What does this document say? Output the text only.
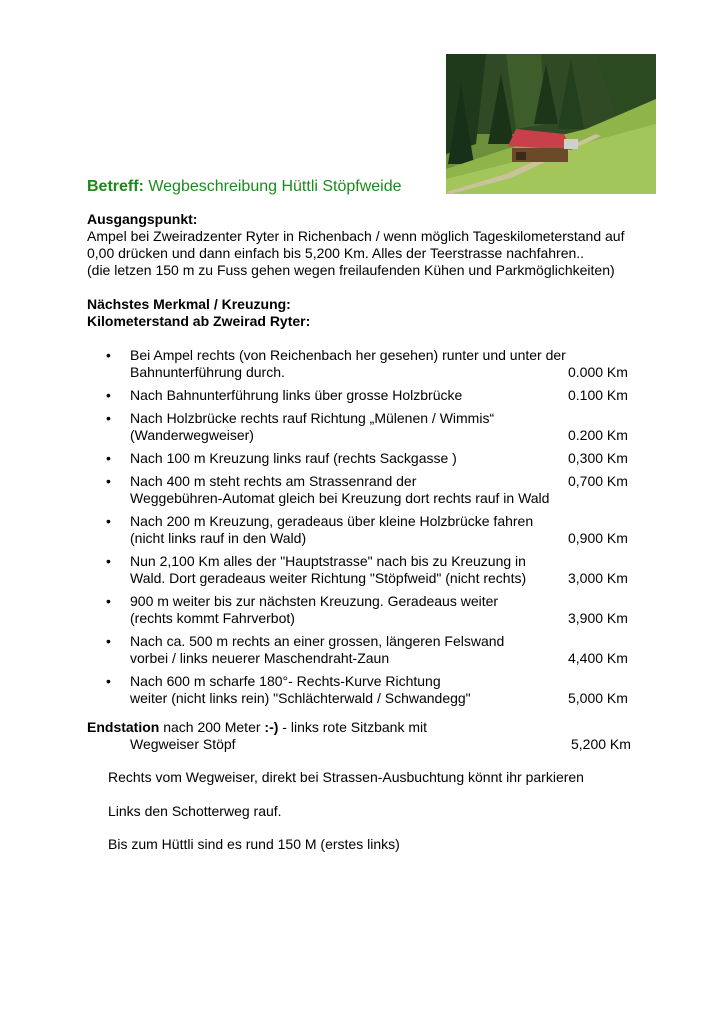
Betreff: Wegbeschreibung Hüttli Stöpfweide
Ausgangspunkt:
Ampel bei Zweiradzenter Ryter in Richenbach / wenn möglich Tageskilometerstand auf
0,00 drücken und dann einfach bis 5,200 Km. Alles der Teerstrasse nachfahren..
(die letzen 150 m zu Fuss gehen wegen freilaufenden Kühen und Parkmöglichkeiten)
Nächstes Merkmal / Kreuzung:
Kilometerstand ab Zweirad Ryter:
• Bei Ampel rechts (von Reichenbach her gesehen) runter und unter der
Bahnunterführung durch.	0.000 Km
• Nach Bahnunterführung links über grosse Holzbrücke	0.100 Km
• Nach Holzbrücke rechts rauf Richtung „Mülenen / Wimmis“
(Wanderwegweiser)	0.200 Km
• Nach 100 m Kreuzung links rauf (rechts Sackgasse )	0,300 Km
• Nach 400 m steht rechts am Strassenrand der	0,700 Km
Weggebühren-Automat gleich bei Kreuzung dort rechts rauf in Wald
• Nach 200 m Kreuzung, geradeaus über kleine Holzbrücke fahren
(nicht links rauf in den Wald)	0,900 Km
• Nun 2,100 Km alles der "Hauptstrasse" nach bis zu Kreuzung in
Wald. Dort geradeaus weiter Richtung "Stöpfweid" (nicht rechts)	3,000 Km
• 900 m weiter bis zur nächsten Kreuzung. Geradeaus weiter
(rechts kommt Fahrverbot)	3,900 Km
• Nach ca. 500 m rechts an einer grossen, längeren Felswand
vorbei / links neuerer Maschendraht-Zaun	4,400 Km
• Nach 600 m scharfe 180°- Rechts-Kurve Richtung
weiter (nicht links rein) "Schlächterwald / Schwandegg"	5,000 Km
Endstation nach 200 Meter :-) - links rote Sitzbank mit
Wegweiser Stöpf	5,200 Km
Rechts vom Wegweiser, direkt bei Strassen-Ausbuchtung könnt ihr parkieren
Links den Schotterweg rauf.
Bis zum Hüttli sind es rund 150 M (erstes links)
